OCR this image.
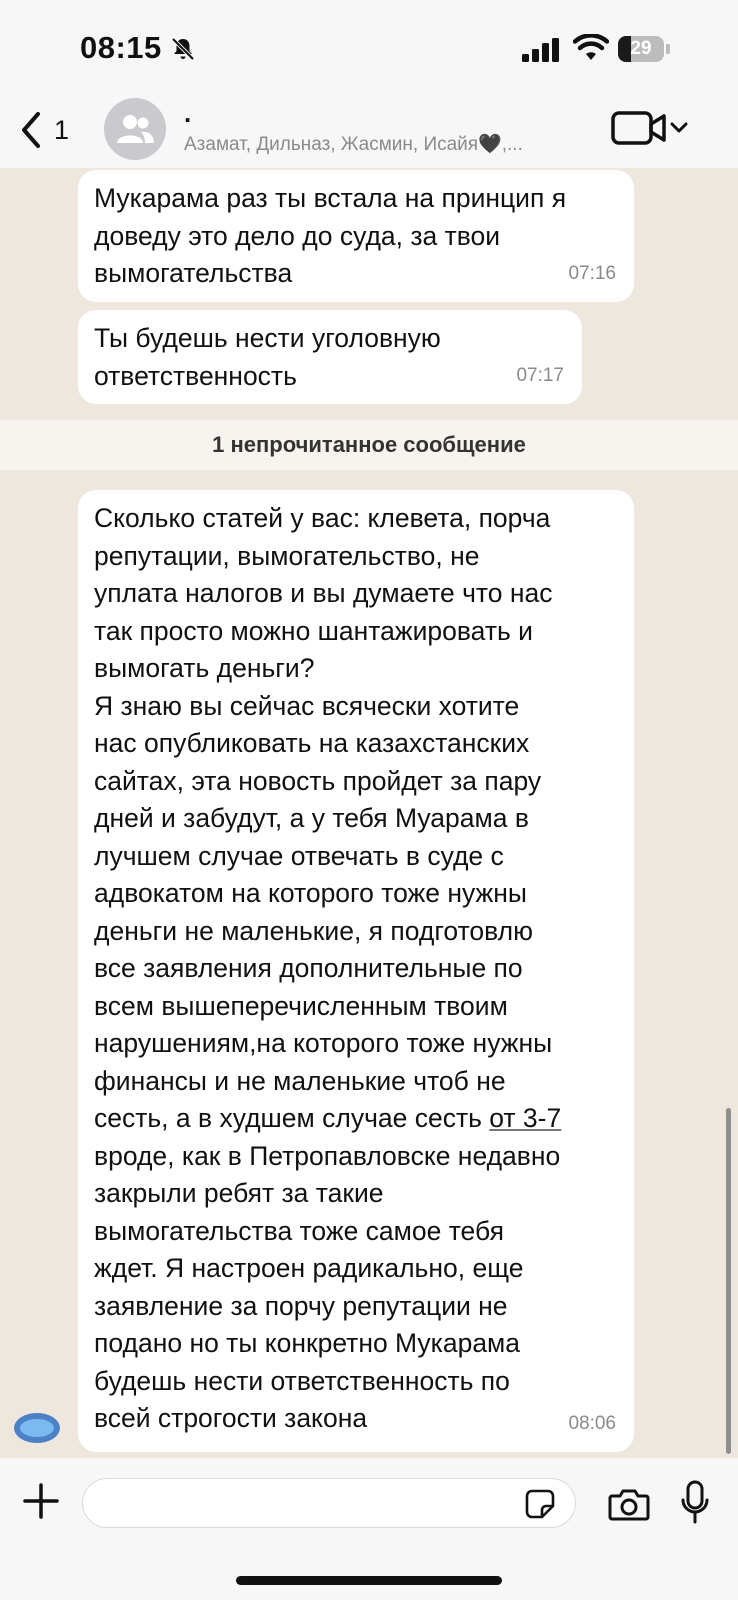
08:15	29
1
.
Азамат, Дильназ, Жасмин, Исайя🖤,...
Мукарама раз ты встала на принцип я
доведу это дело до суда, за твои
вымогательства	07:16
Ты будешь нести уголовную
ответственность	07:17
1 непрочитанное сообщение
Сколько статей у вас: клевета, порча
репутации, вымогательство, не
уплата налогов и вы думаете что нас
так просто можно шантажировать и
вымогать деньги?
Я знаю вы сейчас всячески хотите
нас опубликовать на казахстанских
сайтах, эта новость пройдет за пару
дней и забудут, а у тебя Муарама в
лучшем случае отвечать в суде с
адвокатом на которого тоже нужны
деньги не маленькие, я подготовлю
все заявления дополнительные по
всем вышеперечисленным твоим
нарушениям,на которого тоже нужны
финансы и не маленькие чтоб не
сесть, а в худшем случае сесть от 3-7
вроде, как в Петропавловске недавно
закрыли ребят за такие
вымогательства тоже самое тебя
ждет. Я настроен радикально, еще
заявление за порчу репутации не
подано но ты конкретно Мукарама
будешь нести ответственность по
всей строгости закона	08:06
